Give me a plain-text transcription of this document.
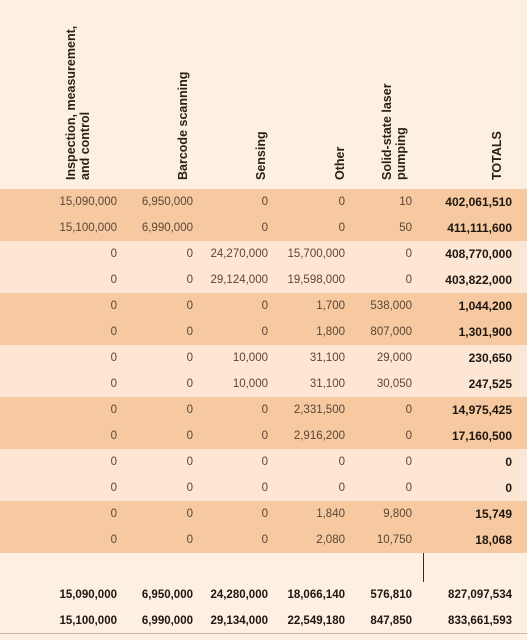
Inspection, measurement, and control	Barcode scanning	Sensing	Other	Solid-state laser pumping	TOTALS
15,090,000	6,950,000	0	0	10	402,061,510
15,100,000	6,990,000	0	0	50	411,111,600
0	0	24,270,000	15,700,000	0	408,770,000
0	0	29,124,000	19,598,000	0	403,822,000
0	0	0	1,700	538,000	1,044,200
0	0	0	1,800	807,000	1,301,900
0	0	10,000	31,100	29,000	230,650
0	0	10,000	31,100	30,050	247,525
0	0	0	2,331,500	0	14,975,425
0	0	0	2,916,200	0	17,160,500
0	0	0	0	0	0
0	0	0	0	0	0
0	0	0	1,840	9,800	15,749
0	0	0	2,080	10,750	18,068
15,090,000	6,950,000	24,280,000	18,066,140	576,810	827,097,534
15,100,000	6,990,000	29,134,000	22,549,180	847,850	833,661,593
